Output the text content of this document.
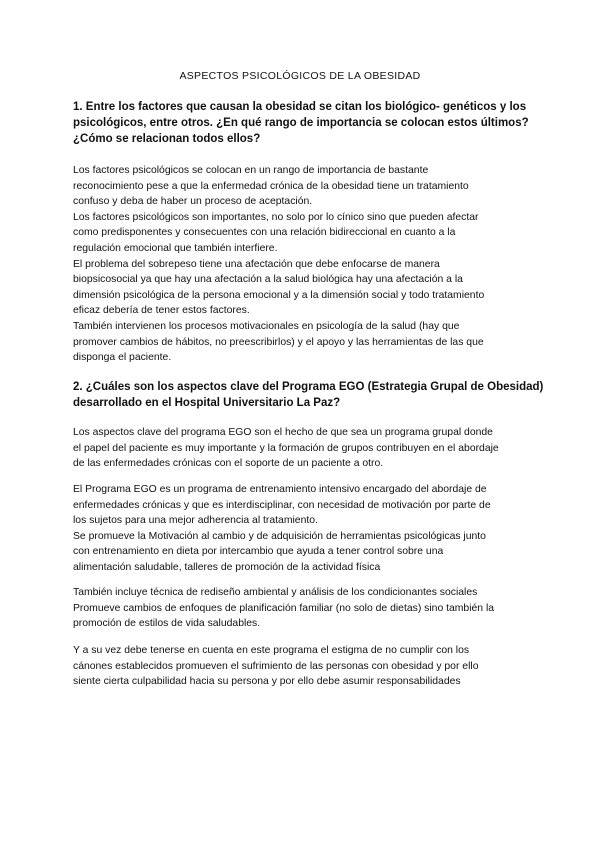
ASPECTOS PSICOLÓGICOS DE LA OBESIDAD
1. Entre los factores que causan la obesidad se citan los biológico- genéticos y los
psicológicos, entre otros. ¿En qué rango de importancia se colocan estos últimos?
¿Cómo se relacionan todos ellos?

Los factores psicológicos se colocan en un rango de importancia de bastante
reconocimiento pese a que la enfermedad crónica de la obesidad tiene un tratamiento
confuso y deba de haber un proceso de aceptación.
Los factores psicológicos son importantes, no solo por lo cínico sino que pueden afectar
como predisponentes y consecuentes con una relación bidireccional en cuanto a la
regulación emocional que también interfiere.
El problema del sobrepeso tiene una afectación que debe enfocarse de manera
biopsicosocial ya que hay una afectación a la salud biológica hay una afectación a la
dimensión psicológica de la persona emocional y a la dimensión social y todo tratamiento
eficaz debería de tener estos factores.
También intervienen los procesos motivacionales en psicología de la salud (hay que
promover cambios de hábitos, no preescribirlos) y el apoyo y las herramientas de las que
disponga el paciente.

2. ¿Cuáles son los aspectos clave del Programa EGO (Estrategia Grupal de Obesidad)
desarrollado en el Hospital Universitario La Paz?

Los aspectos clave del programa EGO son el hecho de que sea un programa grupal donde
el papel del paciente es muy importante y la formación de grupos contribuyen en el abordaje
de las enfermedades crónicas con el soporte de un paciente a otro.

El Programa EGO es un programa de entrenamiento intensivo encargado del abordaje de
enfermedades crónicas y que es interdisciplinar, con necesidad de motivación por parte de
los sujetos para una mejor adherencia al tratamiento.
Se promueve la Motivación al cambio y de adquisición de herramientas psicológicas junto
con entrenamiento en dieta por intercambio que ayuda a tener control sobre una
alimentación saludable, talleres de promoción de la actividad física

También incluye técnica de rediseño ambiental y análisis de los condicionantes sociales
Promueve cambios de enfoques de planificación familiar (no solo de dietas) sino también la
promoción de estilos de vida saludables.

Y a su vez debe tenerse en cuenta en este programa el estigma de no cumplir con los
cánones establecidos promueven el sufrimiento de las personas con obesidad y por ello
siente cierta culpabilidad hacia su persona y por ello debe asumir responsabilidades
